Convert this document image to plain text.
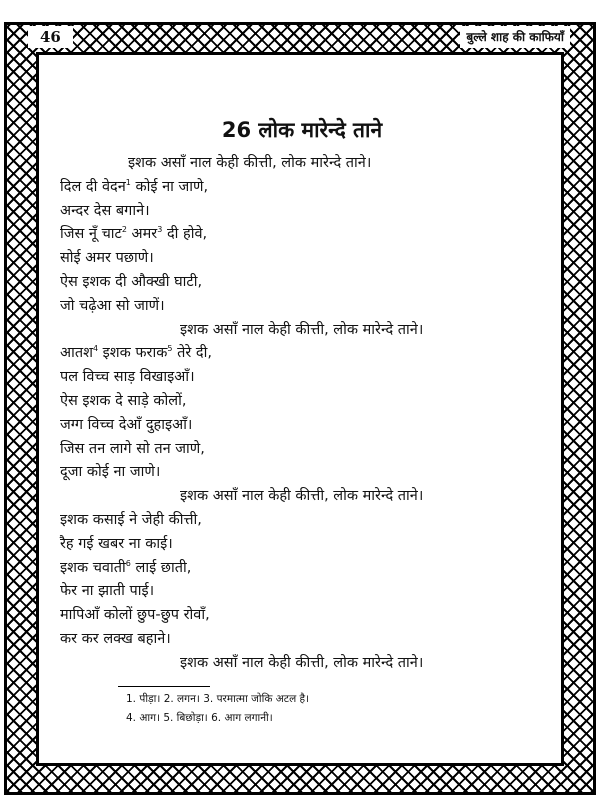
46	बुल्ले शाह की काफियाँ
26 लोक मारेन्दे ताने
इशक असाँ नाल केही कीत्ती, लोक मारेन्दे ताने।
दिल दी वेदन$^1$ कोई ना जाणे,
अन्दर देस बगाने।
जिस नूँ चाट$^2$ अमर$^3$ दी होवे,
सोई अमर पछाणे।
ऐस इशक दी औक्खी घाटी,
जो चढ़ेआ सो जाणें।
इशक असाँ नाल केही कीत्ती, लोक मारेन्दे ताने।
आतश$^4$ इशक फराक$^5$ तेरे दी,
पल विच्च साड़ विखाइआँ।
ऐस इशक दे साड़े कोलों,
जग्ग विच्च देआँ दुहाइआँ।
जिस तन लागे सो तन जाणे,
दूजा कोई ना जाणे।
इशक असाँ नाल केही कीत्ती, लोक मारेन्दे ताने।
इशक कसाई ने जेही कीत्ती,
रैह गई खबर ना काई।
इशक चवाती$^6$ लाई छाती,
फेर ना झाती पाई।
मापिआँ कोलों छुप-छुप रोवाँ,
कर कर लक्ख बहाने।
इशक असाँ नाल केही कीत्ती, लोक मारेन्दे ताने।
1. पीड़ा। 2. लगन। 3. परमात्मा जोकि अटल है।
4. आग। 5. बिछोड़ा। 6. आग लगानी।
